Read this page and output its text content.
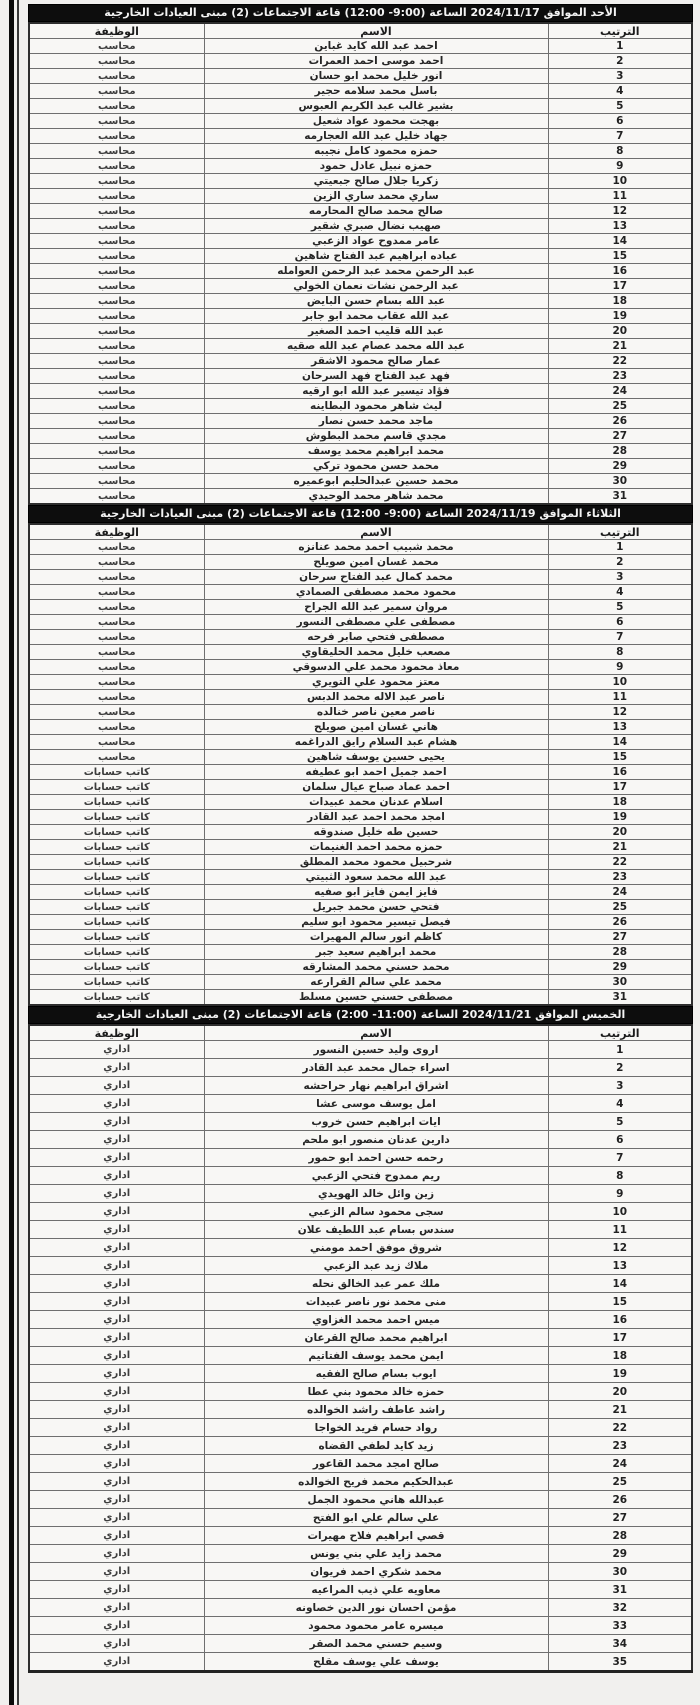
الأحد الموافق 2024/11/17 الساعة (9:00- 12:00) قاعة الاجتماعات (2) مبنى العيادات الخارجية
الترتيب	الاسم	الوظيفة
1	احمد عبد الله كايد غباين	محاسب
2	احمد موسى احمد العمرات	محاسب
3	انور خليل محمد ابو حسان	محاسب
4	باسل محمد سلامه حجير	محاسب
5	بشير غالب عبد الكريم العبوس	محاسب
6	بهجت محمود عواد شعيل	محاسب
7	جهاد خليل عبد الله العجارمه	محاسب
8	حمزه محمود كامل نجيبه	محاسب
9	حمزه نبيل عادل حمود	محاسب
10	زكريا جلال صالح جبعيتي	محاسب
11	ساري محمد ساري الزين	محاسب
12	صالح محمد صالح المحارمه	محاسب
13	صهيب نضال صبري شقير	محاسب
14	عامر ممدوح عواد الزعبي	محاسب
15	عباده ابراهيم عبد الفتاح شاهين	محاسب
16	عبد الرحمن محمد عبد الرحمن العوامله	محاسب
17	عبد الرحمن نشات نعمان الخولي	محاسب
18	عبد الله بسام حسن البايض	محاسب
19	عبد الله عقاب محمد ابو جابر	محاسب
20	عبد الله قليب احمد الصغير	محاسب
21	عبد الله محمد عصام عبد الله صقيه	محاسب
22	عمار صالح محمود الاشقر	محاسب
23	فهد عبد الفتاح فهد السرحان	محاسب
24	فؤاد تيسير عبد الله ابو ارقيه	محاسب
25	ليث شاهر محمود البطاينه	محاسب
26	ماجد محمد حسن نصار	محاسب
27	مجدي قاسم محمد البطوش	محاسب
28	محمد ابراهيم محمد يوسف	محاسب
29	محمد حسن محمود تركي	محاسب
30	محمد حسين عبدالحليم ابوعميره	محاسب
31	محمد شاهر محمد الوحيدي	محاسب
الثلاثاء الموافق 2024/11/19 الساعة (9:00- 12:00) قاعة الاجتماعات (2) مبنى العيادات الخارجية
الترتيب	الاسم	الوظيفة
1	محمد شبيب احمد محمد عنانزه	محاسب
2	محمد غسان امين صويلح	محاسب
3	محمد كمال عبد الفتاح سرحان	محاسب
4	محمود محمد مصطفى الصمادي	محاسب
5	مروان سمير عبد الله الجراح	محاسب
6	مصطفى علي مصطفى النسور	محاسب
7	مصطفى فتحي صابر فرحه	محاسب
8	مصعب خليل محمد الحليقاوي	محاسب
9	معاذ محمود محمد علي الدسوقي	محاسب
10	معتز محمود علي التويري	محاسب
11	ناصر عبد الاله محمد الدبس	محاسب
12	ناصر معين ناصر خنالده	محاسب
13	هاني غسان امين صويلح	محاسب
14	هشام عبد السلام رايق الدراغمه	محاسب
15	يحيى حسين يوسف شاهين	محاسب
16	احمد جميل احمد ابو عطيفه	كاتب حسابات
17	احمد عماد صباح عيال سلمان	كاتب حسابات
18	اسلام عدنان محمد عبيدات	كاتب حسابات
19	امجد محمد احمد عبد القادر	كاتب حسابات
20	حسين طه خليل صندوقه	كاتب حسابات
21	حمزه محمد احمد الغنيمات	كاتب حسابات
22	شرحبيل محمود محمد المطلق	كاتب حسابات
23	عبد الله محمد سعود الثبيتي	كاتب حسابات
24	فايز ايمن فايز ابو صفيه	كاتب حسابات
25	فتحي حسن محمد جبريل	كاتب حسابات
26	فيصل تيسير محمود ابو سليم	كاتب حسابات
27	كاظم انور سالم المهيرات	كاتب حسابات
28	محمد ابراهيم سعيد جبر	كاتب حسابات
29	محمد حسني محمد المشارقه	كاتب حسابات
30	محمد علي سالم القرارعه	كاتب حسابات
31	مصطفى حسني حسين مسلط	كاتب حسابات
الخميس الموافق 2024/11/21 الساعة (11:00- 2:00) قاعة الاجتماعات (2) مبنى العيادات الخارجية
الترتيب	الاسم	الوظيفة
1	اروى وليد حسين النسور	اداري
2	اسراء جمال محمد عبد القادر	اداري
3	اشراق ابراهيم نهار حراحشه	اداري
4	امل يوسف موسى عشا	اداري
5	ايات ابراهيم حسن خروب	اداري
6	دارين عدنان منصور ابو ملحم	اداري
7	رحمه حسن احمد ابو حمور	اداري
8	ريم ممدوح فتحي الزعبي	اداري
9	زين وائل خالد الهويدي	اداري
10	سجى محمود سالم الزعبي	اداري
11	سندس بسام عبد اللطيف علان	اداري
12	شروق موفق احمد مومني	اداري
13	ملاك زيد عبد الزعبي	اداري
14	ملك عمر عبد الخالق نحله	اداري
15	منى محمد نور ناصر عبيدات	اداري
16	ميس احمد محمد الغزاوي	اداري
17	ابراهيم محمد صالح القرعان	اداري
18	ايمن محمد يوسف الفتاتيم	اداري
19	ايوب بسام صالح الفقيه	اداري
20	حمزه خالد محمود بني عطا	اداري
21	راشد عاطف راشد الخوالده	اداري
22	رواد حسام فريد الخواجا	اداري
23	زيد كايد لطفي القضاه	اداري
24	صالح امجد محمد القاعور	اداري
25	عبدالحكيم محمد فريح الخوالده	اداري
26	عبدالله هاني محمود الجمل	اداري
27	علي سالم علي ابو الفتح	اداري
28	قصي ابراهيم فلاح مهيرات	اداري
29	محمد زايد علي بني يونس	اداري
30	محمد شكري احمد فريوان	اداري
31	معاويه علي ذيب المراعيه	اداري
32	مؤمن احسان نور الدين خصاونه	اداري
33	ميسره عامر محمود محمود	اداري
34	وسيم حسني محمد الصقر	اداري
35	يوسف علي يوسف مقلح	اداري
